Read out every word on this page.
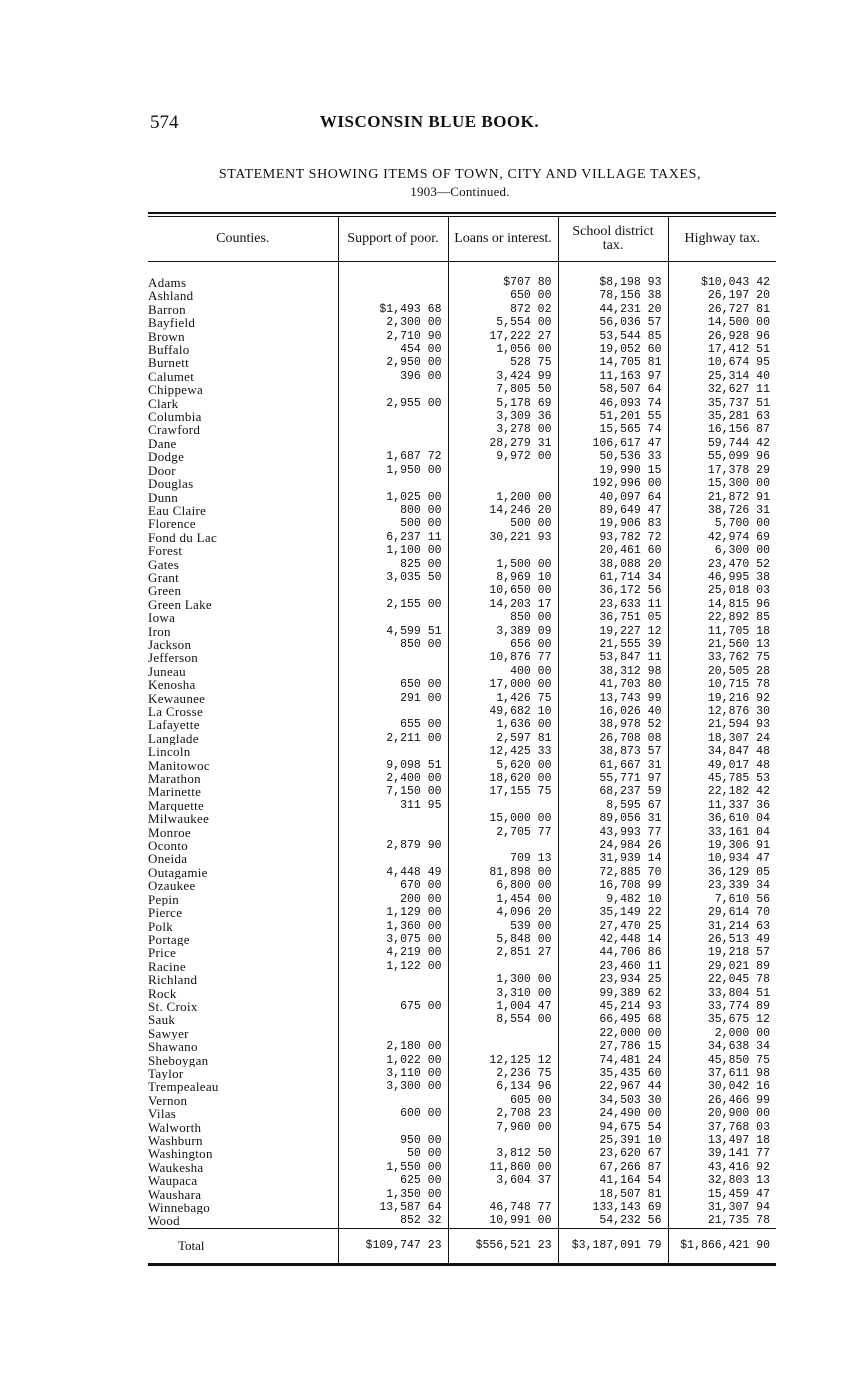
574	WISCONSIN BLUE BOOK.
STATEMENT SHOWING ITEMS OF TOWN, CITY AND VILLAGE TAXES,
1903—Continued.
Counties.	Support of poor.	Loans or interest.	School district tax.	Highway tax.

Adams		$707 80	$8,198 93	$10,043 42
Ashland		650 00	78,156 38	26,197 20
Barron	$1,493 68	872 02	44,231 20	26,727 81
Bayfield	2,300 00	5,554 00	56,036 57	14,500 00
Brown	2,710 90	17,222 27	53,544 85	26,928 96
Buffalo	454 00	1,056 00	19,052 60	17,412 51
Burnett	2,950 00	528 75	14,705 81	10,674 95
Calumet	396 00	3,424 99	11,163 97	25,314 40
Chippewa		7,805 50	58,507 64	32,627 11
Clark	2,955 00	5,178 69	46,093 74	35,737 51
Columbia		3,309 36	51,201 55	35,281 63
Crawford		3,278 00	15,565 74	16,156 87
Dane		28,279 31	106,617 47	59,744 42
Dodge	1,687 72	9,972 00	50,536 33	55,099 96
Door	1,950 00		19,990 15	17,378 29
Douglas			192,996 00	15,300 00
Dunn	1,025 00	1,200 00	40,097 64	21,872 91
Eau Claire	800 00	14,246 20	89,649 47	38,726 31
Florence	500 00	500 00	19,906 83	5,700 00
Fond du Lac	6,237 11	30,221 93	93,782 72	42,974 69
Forest	1,100 00		20,461 60	6,300 00
Gates	825 00	1,500 00	38,088 20	23,470 52
Grant	3,035 50	8,969 10	61,714 34	46,995 38
Green		10,650 00	36,172 56	25,018 03
Green Lake	2,155 00	14,203 17	23,633 11	14,815 96
Iowa		850 00	36,751 05	22,892 85
Iron	4,599 51	3,389 09	19,227 12	11,705 18
Jackson	850 00	656 00	21,555 39	21,560 13
Jefferson		10,876 77	53,847 11	33,762 75
Juneau		400 00	38,312 98	20,505 28
Kenosha	650 00	17,000 00	41,703 80	10,715 78
Kewaunee	291 00	1,426 75	13,743 99	19,216 92
La Crosse		49,682 10	16,026 40	12,876 30
Lafayette	655 00	1,636 00	38,978 52	21,594 93
Langlade	2,211 00	2,597 81	26,708 08	18,307 24
Lincoln		12,425 33	38,873 57	34,847 48
Manitowoc	9,098 51	5,620 00	61,667 31	49,017 48
Marathon	2,400 00	18,620 00	55,771 97	45,785 53
Marinette	7,150 00	17,155 75	68,237 59	22,182 42
Marquette	311 95		8,595 67	11,337 36
Milwaukee		15,000 00	89,056 31	36,610 04
Monroe		2,705 77	43,993 77	33,161 04
Oconto	2,879 90		24,984 26	19,306 91
Oneida		709 13	31,939 14	10,934 47
Outagamie	4,448 49	81,898 00	72,885 70	36,129 05
Ozaukee	670 00	6,800 00	16,708 99	23,339 34
Pepin	200 00	1,454 00	9,482 10	7,610 56
Pierce	1,129 00	4,096 20	35,149 22	29,614 70
Polk	1,360 00	539 00	27,470 25	31,214 63
Portage	3,075 00	5,848 00	42,448 14	26,513 49
Price	4,219 00	2,851 27	44,706 86	19,218 57
Racine	1,122 00		23,460 11	29,021 89
Richland		1,300 00	23,934 25	22,045 78
Rock		3,310 00	99,389 62	33,804 51
St. Croix	675 00	1,004 47	45,214 93	33,774 89
Sauk		8,554 00	66,495 68	35,675 12
Sawyer			22,000 00	2,000 00
Shawano	2,180 00		27,786 15	34,638 34
Sheboygan	1,022 00	12,125 12	74,481 24	45,850 75
Taylor	3,110 00	2,236 75	35,435 60	37,611 98
Trempealeau	3,300 00	6,134 96	22,967 44	30,042 16
Vernon		605 00	34,503 30	26,466 99
Vilas	600 00	2,708 23	24,490 00	20,900 00
Walworth		7,960 00	94,675 54	37,768 03
Washburn	950 00		25,391 10	13,497 18
Washington	50 00	3,812 50	23,620 67	39,141 77
Waukesha	1,550 00	11,860 00	67,266 87	43,416 92
Waupaca	625 00	3,604 37	41,164 54	32,803 13
Waushara	1,350 00		18,507 81	15,459 47
Winnebago	13,587 64	46,748 77	133,143 69	31,307 94
Wood	852 32	10,991 00	54,232 56	21,735 78
Total	$109,747 23	$556,521 23	$3,187,091 79	$1,866,421 90
